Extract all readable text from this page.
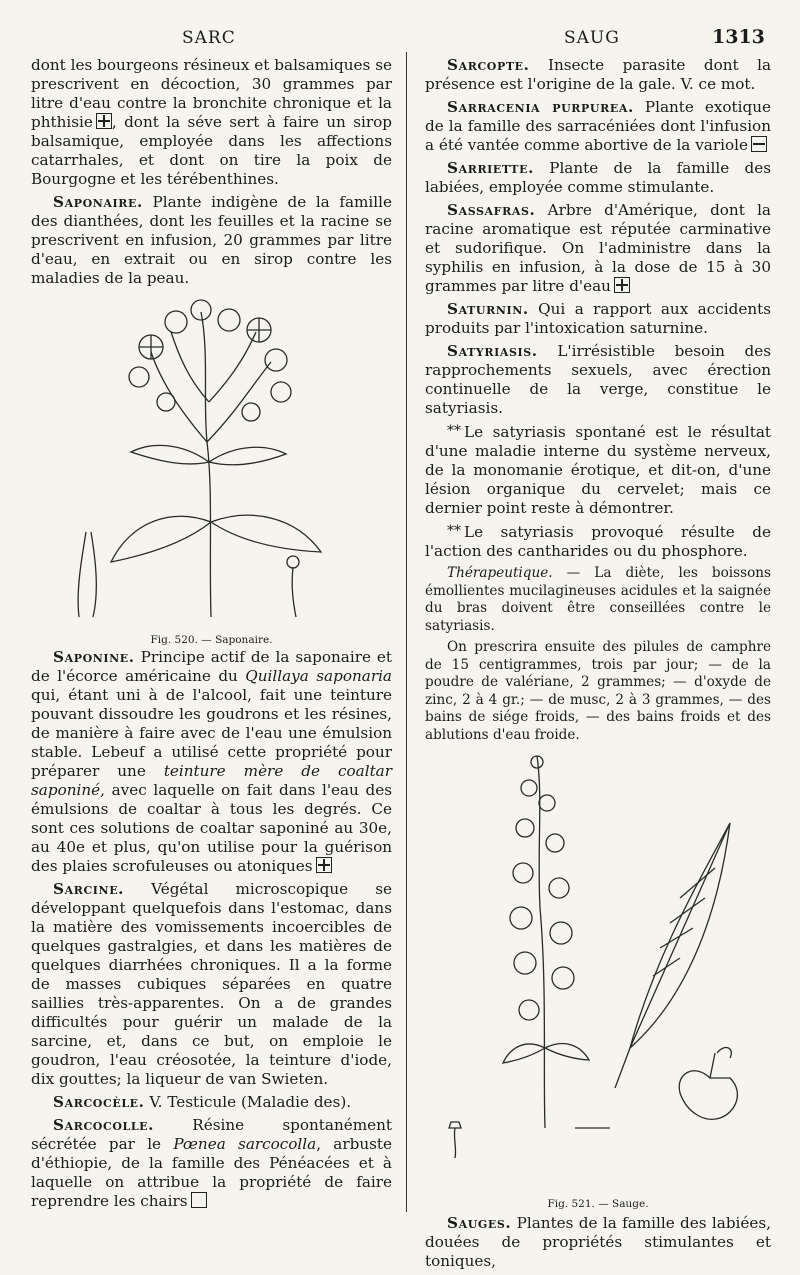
SARC	SAUG	1313

dont les bourgeons résineux et balsamiques se prescrivent en décoction, 30 grammes par litre d'eau contre la bronchite chronique et la phthisie , dont la séve sert à faire un sirop balsamique, employée dans les affections catarrhales, et dont on tire la poix de Bourgogne et les térébenthines.

Saponaire. Plante indigène de la famille des dianthées, dont les feuilles et la racine se prescrivent en infusion, 20 grammes par litre d'eau, en extrait ou en sirop contre les maladies de la peau.

Fig. 520. — Saponaire.

Saponine. Principe actif de la saponaire et de l'écorce américaine du Quillaya saponaria qui, étant uni à de l'alcool, fait une teinture pouvant dissoudre les goudrons et les résines, de manière à faire avec de l'eau une émulsion stable. Lebeuf a utilisé cette propriété pour préparer une teinture mère de coaltar saponiné, avec laquelle on fait dans l'eau des émulsions de coaltar à tous les degrés. Ce sont ces solutions de coaltar saponiné au 30e, au 40e et plus, qu'on utilise pour la guérison des plaies scrofuleuses ou atoniques

Sarcine. Végétal microscopique se développant quelquefois dans l'estomac, dans la matière des vomissements incoercibles de quelques gastralgies, et dans les matières de quelques diarrhées chroniques. Il a la forme de masses cubiques séparées en quatre saillies très-apparentes. On a de grandes difficultés pour guérir un malade de la sarcine, et, dans ce but, on emploie le goudron, l'eau créosotée, la teinture d'iode, dix gouttes; la liqueur de van Swieten.

Sarcocèle. V. Testicule (Maladie des).

Sarcocolle. Résine spontanément sécrétée par le Pœnea sarcocolla, arbuste d'éthiopie, de la famille des Pénéacées et à laquelle on attribue la propriété de faire reprendre les chairs

Sarcopte. Insecte parasite dont la présence est l'origine de la gale. V. ce mot.

Sarracenia purpurea. Plante exotique de la famille des sarracéniées dont l'infusion a été vantée comme abortive de la variole

Sarriette. Plante de la famille des labiées, employée comme stimulante.

Sassafras. Arbre d'Amérique, dont la racine aromatique est réputée carminative et sudorifique. On l'administre dans la syphilis en infusion, à la dose de 15 à 30 grammes par litre d'eau

Saturnin. Qui a rapport aux accidents produits par l'intoxication saturnine.

Satyriasis. L'irrésistible besoin des rapprochements sexuels, avec érection continuelle de la verge, constitue le satyriasis.

** Le satyriasis spontané est le résultat d'une maladie interne du système nerveux, de la monomanie érotique, et dit-on, d'une lésion organique du cervelet; mais ce dernier point reste à démontrer.

** Le satyriasis provoqué résulte de l'action des cantharides ou du phosphore.

Thérapeutique. — La diète, les boissons émollientes mucilagineuses acidules et la saignée du bras doivent être conseillées contre le satyriasis.

On prescrira ensuite des pilules de camphre de 15 centigrammes, trois par jour; — de la poudre de valériane, 2 grammes; — d'oxyde de zinc, 2 à 4 gr.; — de musc, 2 à 3 grammes, — des bains de siége froids, — des bains froids et des ablutions d'eau froide.

Fig. 521. — Sauge.

Sauges. Plantes de la famille des labiées, douées de propriétés stimulantes et toniques,
